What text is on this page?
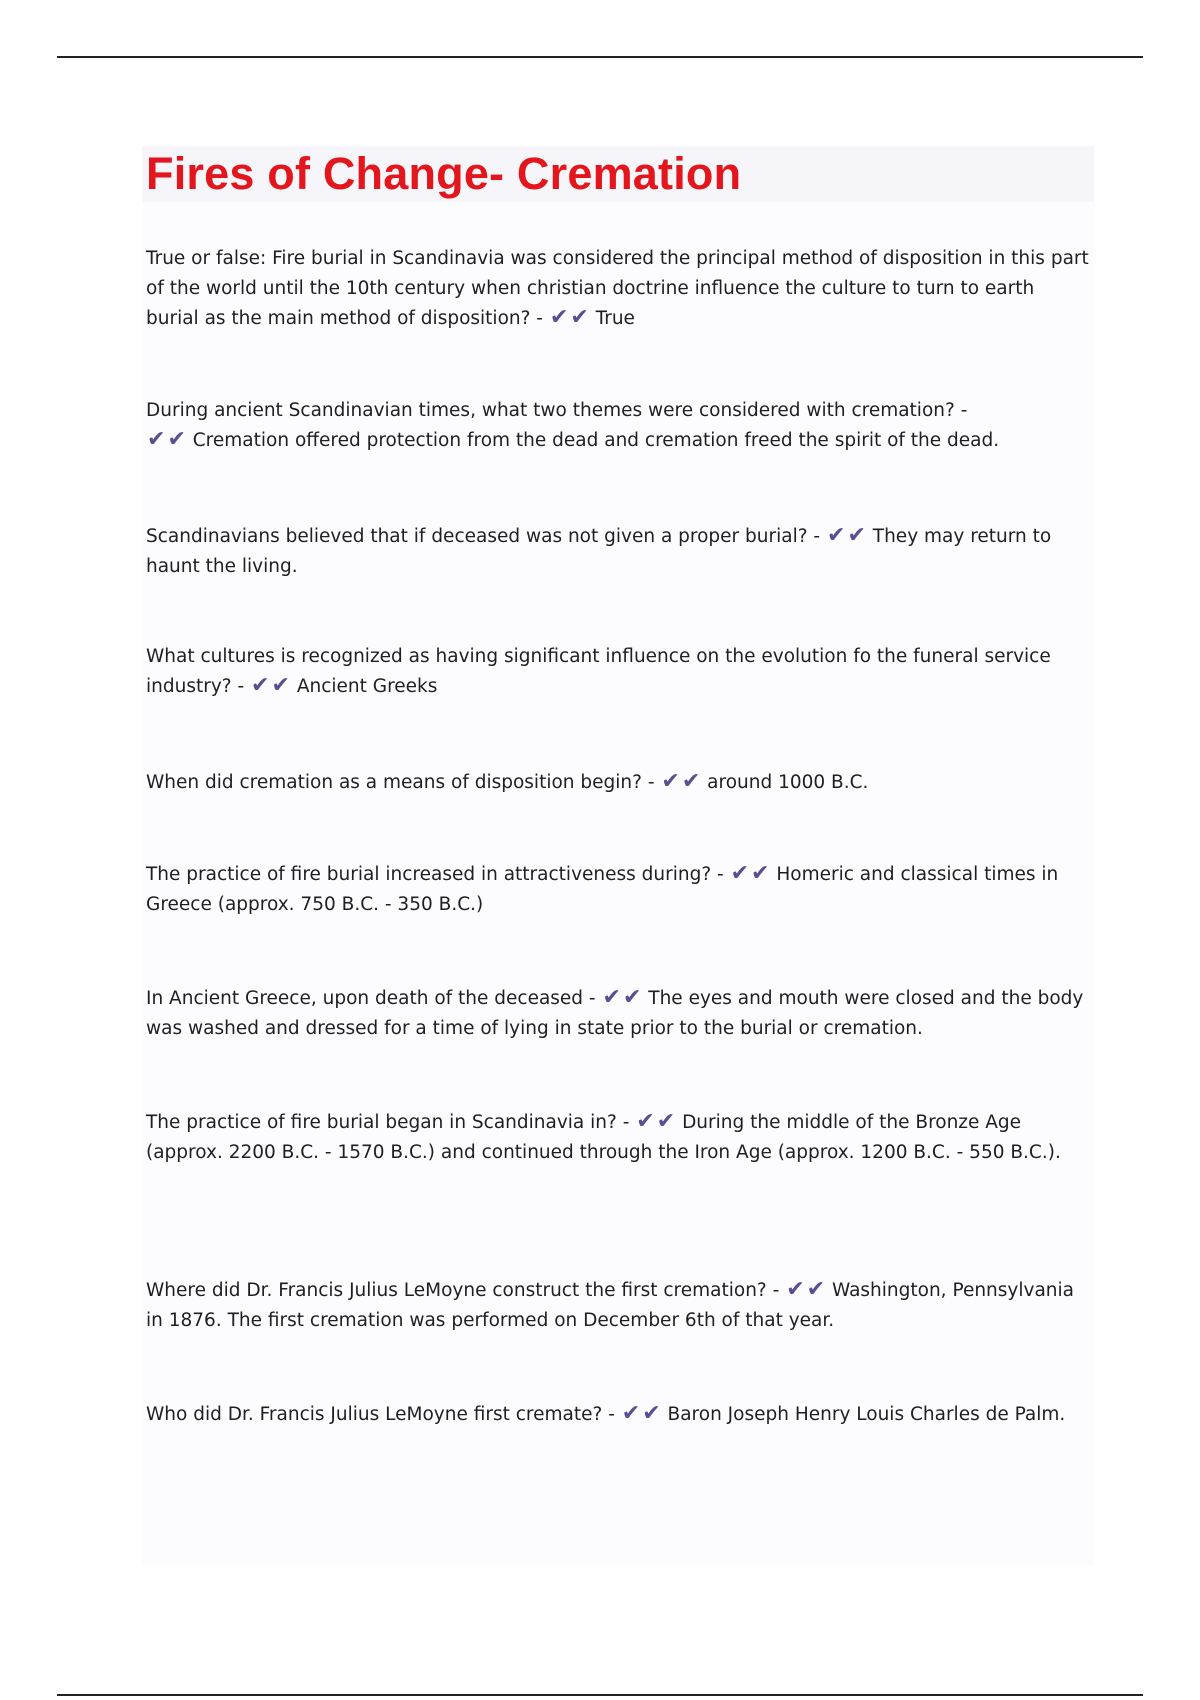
Fires of Change- Cremation

True or false: Fire burial in Scandinavia was considered the principal method of disposition in this part of the world until the 10th century when christian doctrine influence the culture to turn to earth burial as the main method of disposition? - ✔✔ True

During ancient Scandinavian times, what two themes were considered with cremation? -
✔✔ Cremation offered protection from the dead and cremation freed the spirit of the dead.

Scandinavians believed that if deceased was not given a proper burial? - ✔✔ They may return to haunt the living.

What cultures is recognized as having significant influence on the evolution fo the funeral service industry? - ✔✔ Ancient Greeks

When did cremation as a means of disposition begin? - ✔✔ around 1000 B.C.

The practice of fire burial increased in attractiveness during? - ✔✔ Homeric and classical times in Greece (approx. 750 B.C. - 350 B.C.)

In Ancient Greece, upon death of the deceased - ✔✔ The eyes and mouth were closed and the body was washed and dressed for a time of lying in state prior to the burial or cremation.

The practice of fire burial began in Scandinavia in? - ✔✔ During the middle of the Bronze Age (approx. 2200 B.C. - 1570 B.C.) and continued through the Iron Age (approx. 1200 B.C. - 550 B.C.).

Where did Dr. Francis Julius LeMoyne construct the first cremation? - ✔✔ Washington, Pennsylvania in 1876. The first cremation was performed on December 6th of that year.

Who did Dr. Francis Julius LeMoyne first cremate? - ✔✔ Baron Joseph Henry Louis Charles de Palm.
